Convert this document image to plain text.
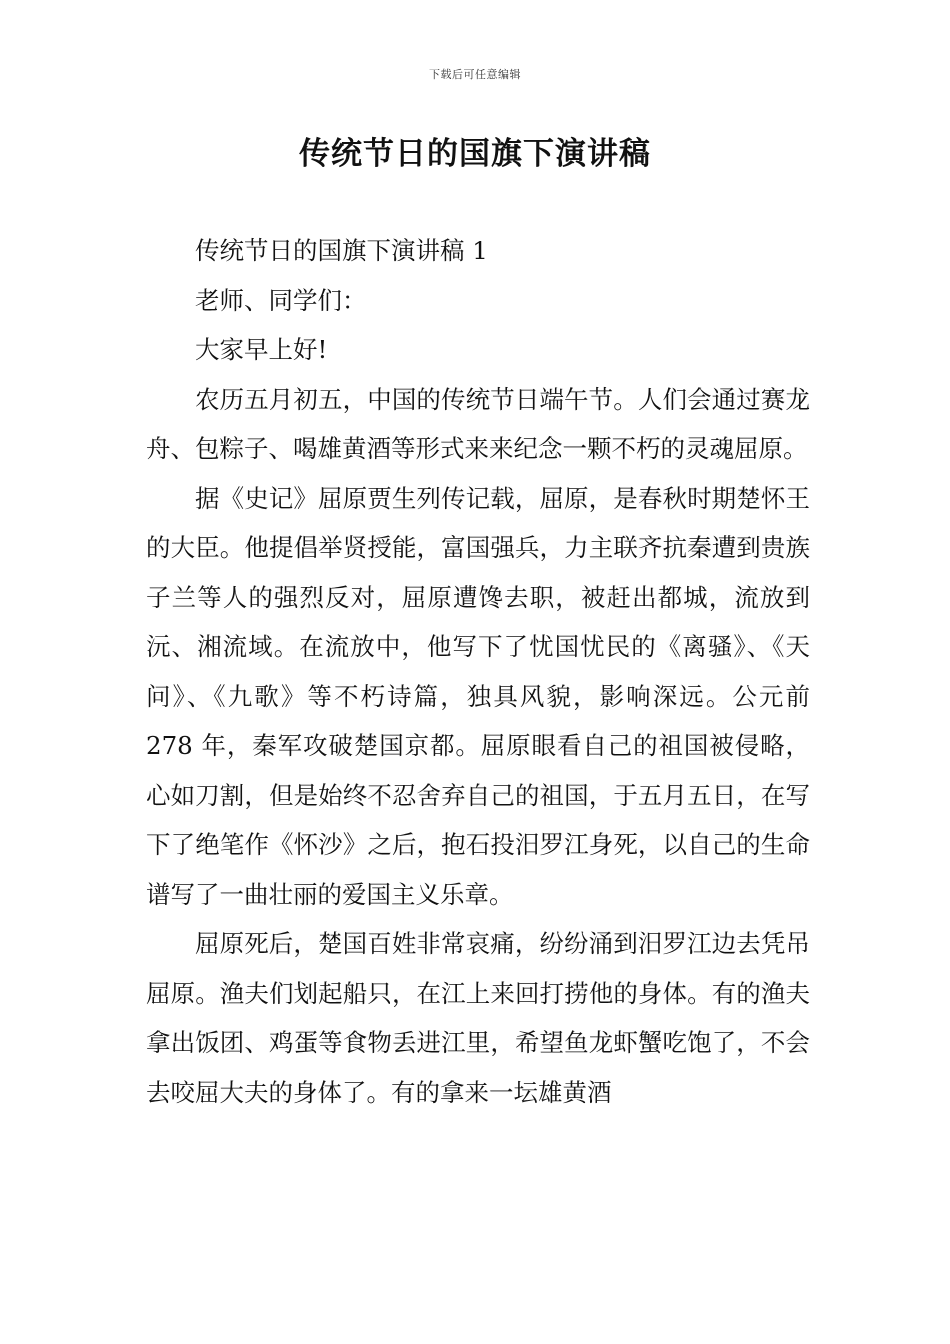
下载后可任意编辑
传统节日的国旗下演讲稿

传统节日的国旗下演讲稿 1

老师、同学们：

大家早上好!

农历五月初五，中国的传统节日端午节。人们会通过赛龙舟、包粽子、喝雄黄酒等形式来来纪念一颗不朽的灵魂屈原。

据《史记》屈原贾生列传记载，屈原，是春秋时期楚怀王的大臣。他提倡举贤授能，富国强兵，力主联齐抗秦遭到贵族子兰等人的强烈反对，屈原遭馋去职，被赶出都城，流放到沅、湘流域。在流放中，他写下了忧国忧民的《离骚》、《天问》、《九歌》等不朽诗篇，独具风貌，影响深远。公元前 278 年，秦军攻破楚国京都。屈原眼看自己的祖国被侵略，心如刀割，但是始终不忍舍弃自己的祖国，于五月五日，在写下了绝笔作《怀沙》之后，抱石投汨罗江身死，以自己的生命谱写了一曲壮丽的爱国主义乐章。

屈原死后，楚国百姓非常哀痛，纷纷涌到汨罗江边去凭吊屈原。渔夫们划起船只，在江上来回打捞他的身体。有的渔夫拿出饭团、鸡蛋等食物丢进江里，希望鱼龙虾蟹吃饱了，不会去咬屈大夫的身体了。有的拿来一坛雄黄酒
